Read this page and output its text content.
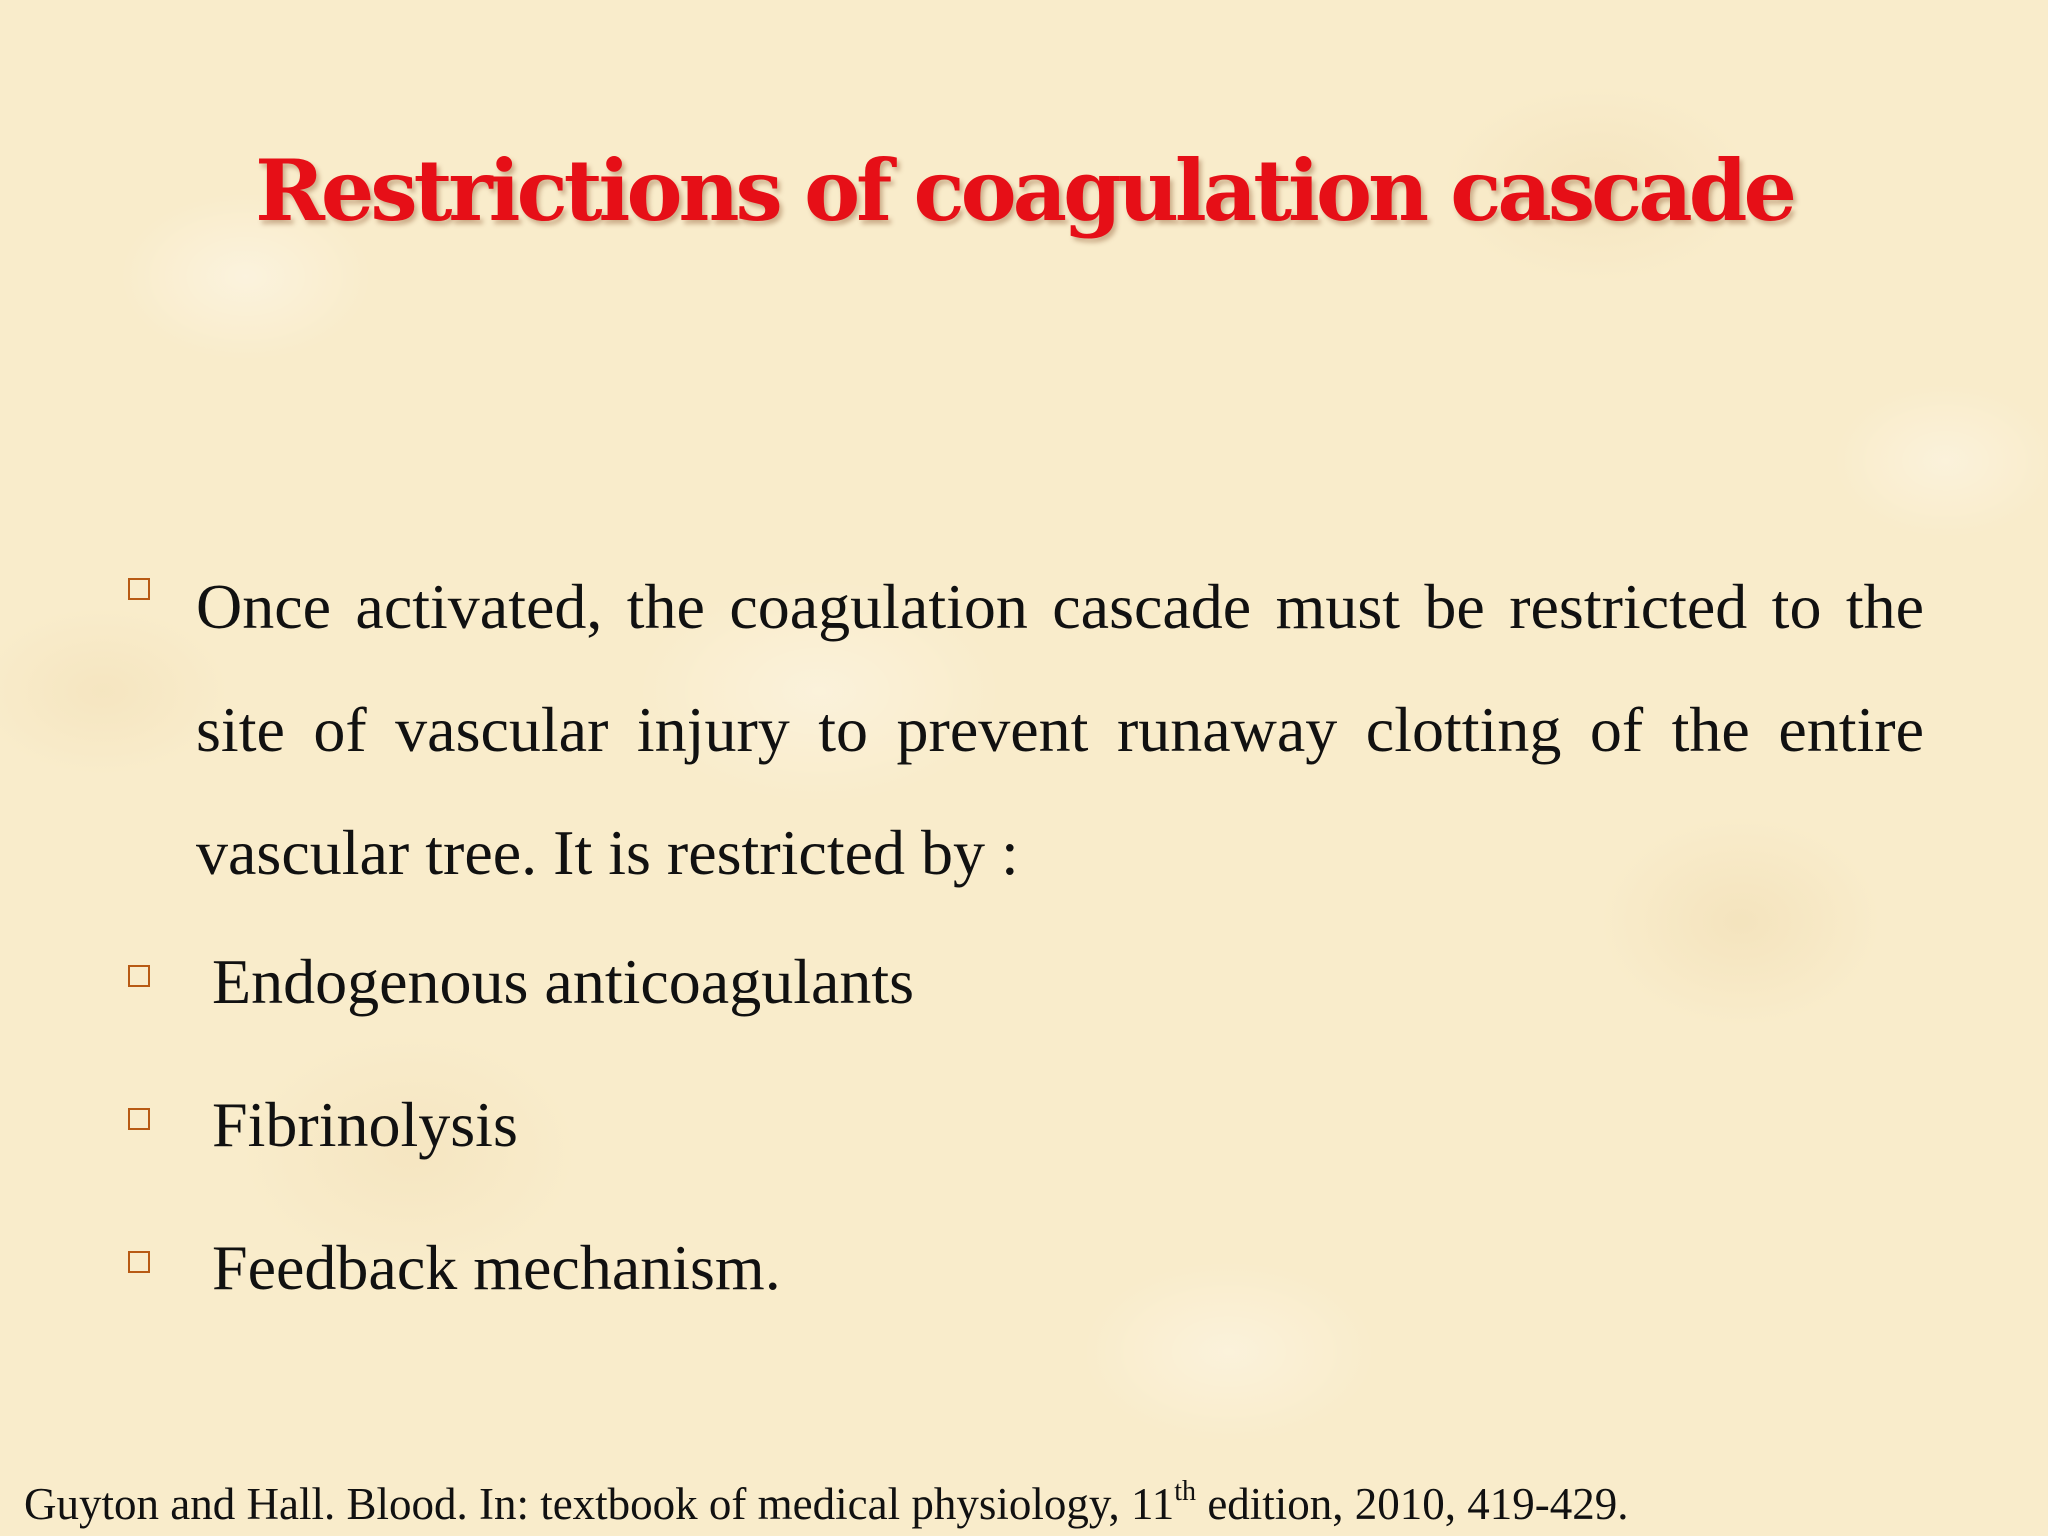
Restrictions of coagulation cascade

Once activated, the coagulation cascade must be restricted to the site of vascular injury to prevent runaway clotting of the entire vascular tree. It is restricted by :

Endogenous anticoagulants
Fibrinolysis
Feedback mechanism.
Guyton and Hall. Blood. In: textbook of medical physiology, 11th edition, 2010, 419-429.
